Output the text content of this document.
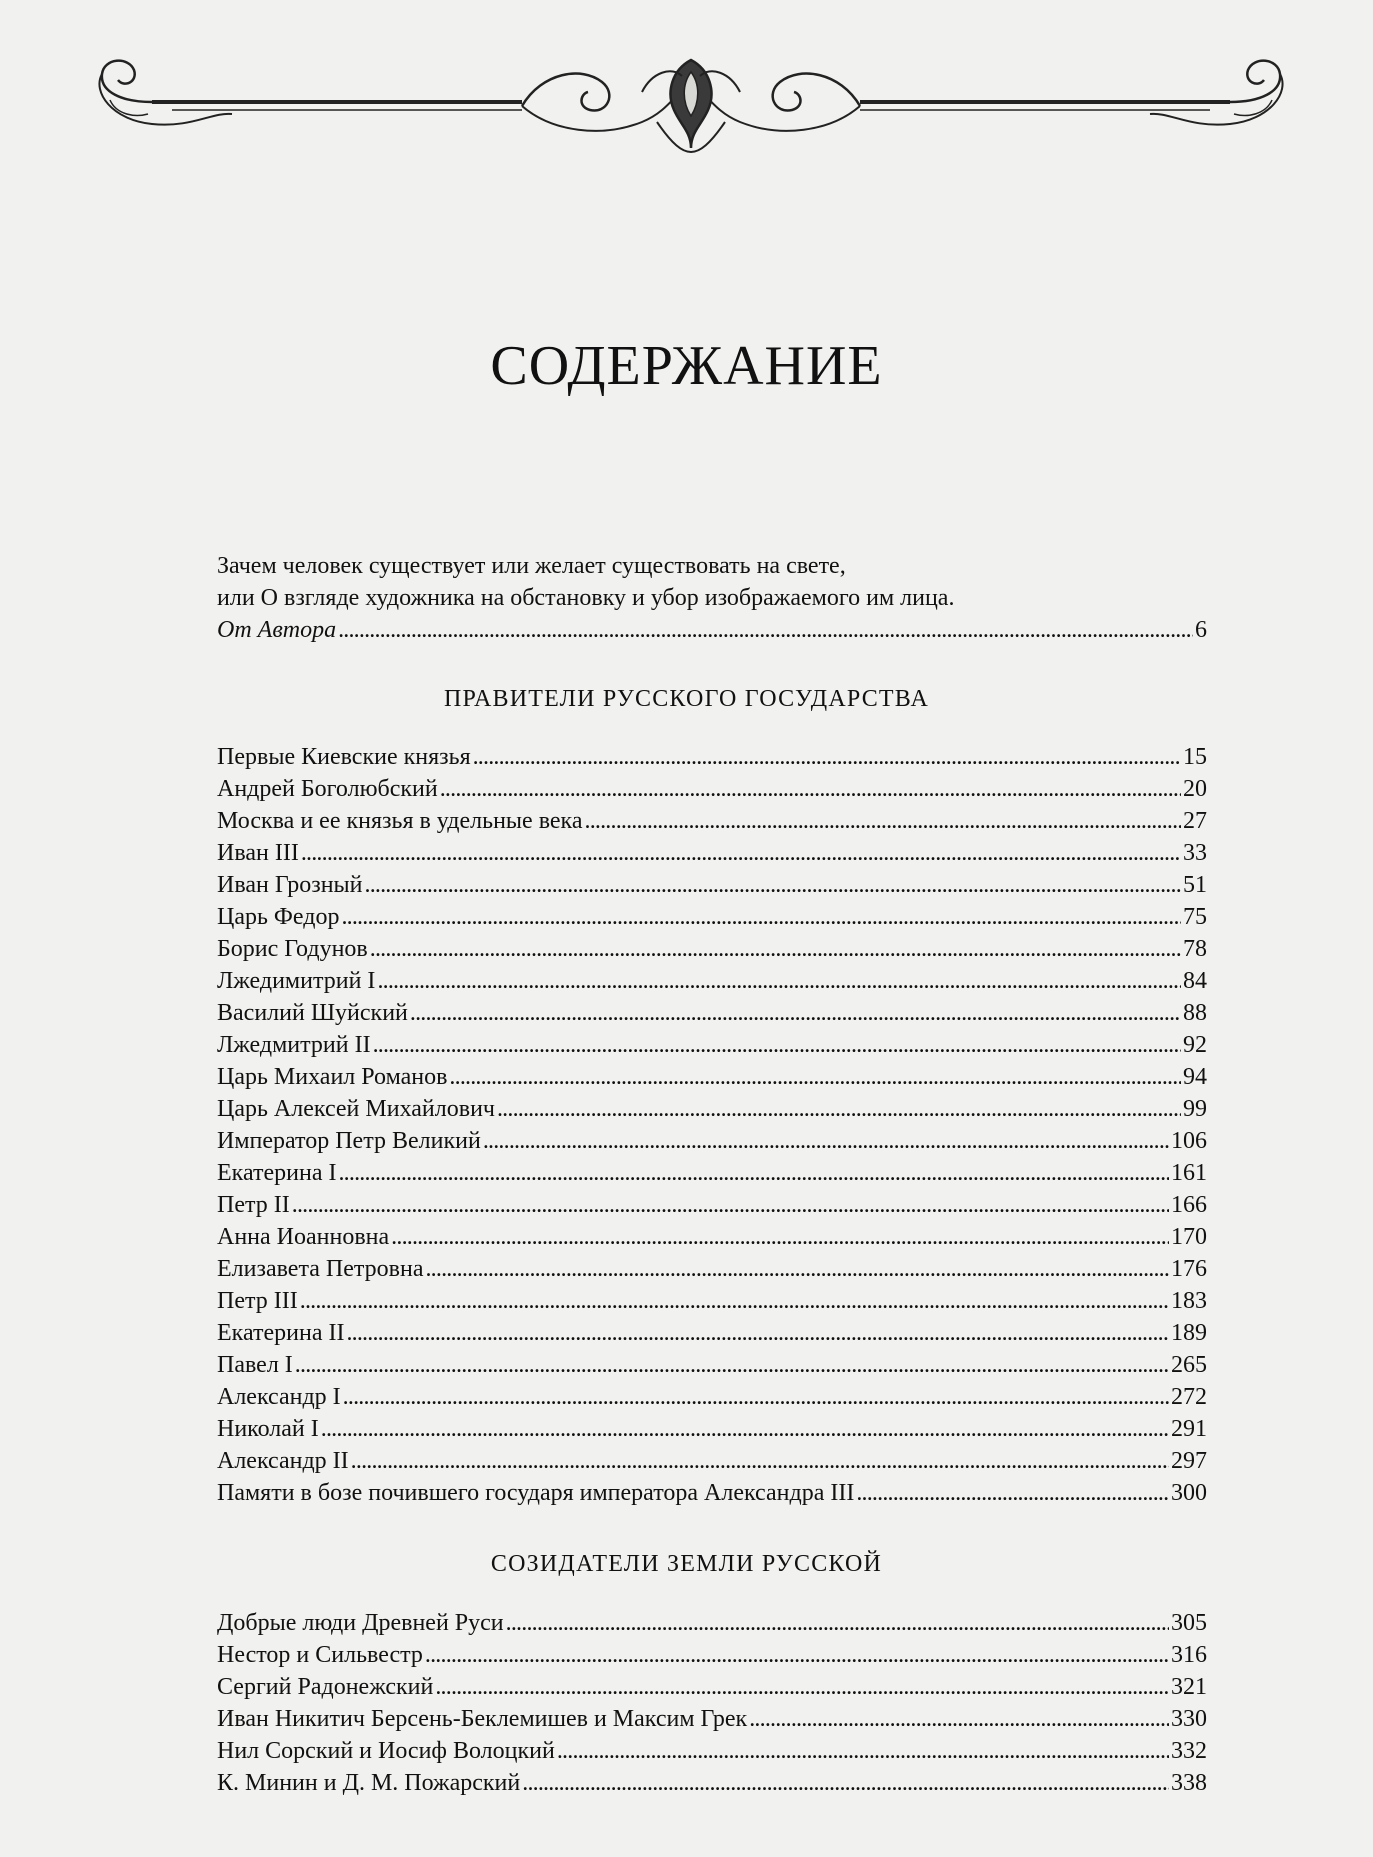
СОДЕРЖАНИЕ
Зачем человек существует или желает существовать на свете,
или О взгляде художника на обстановку и убор изображаемого им лица.
От Автора . . .	6
ПРАВИТЕЛИ РУССКОГО ГОСУДАРСТВА
Первые Киевские князья . . .	15
Андрей Боголюбский . . .	20
Москва и ее князья в удельные века . . .	27
Иван III . . .	33
Иван Грозный . . .	51
Царь Федор . . .	75
Борис Годунов . . .	78
Лжедимитрий I . . .	84
Василий Шуйский . . .	88
Лжедмитрий II . . .	92
Царь Михаил Романов . . .	94
Царь Алексей Михайлович . . .	99
Император Петр Великий . . .	106
Екатерина I . . .	161
Петр II . . .	166
Анна Иоанновна . . .	170
Елизавета Петровна . . .	176
Петр III . . .	183
Екатерина II . . .	189
Павел I . . .	265
Александр I . . .	272
Николай I . . .	291
Александр II . . .	297
Памяти в бозе почившего государя императора Александра III . . .	300
СОЗИДАТЕЛИ ЗЕМЛИ РУССКОЙ
Добрые люди Древней Руси . . .	305
Нестор и Сильвестр . . .	316
Сергий Радонежский . . .	321
Иван Никитич Берсень-Беклемишев и Максим Грек . . .	330
Нил Сорский и Иосиф Волоцкий . . .	332
К. Минин и Д. М. Пожарский . . .	338
